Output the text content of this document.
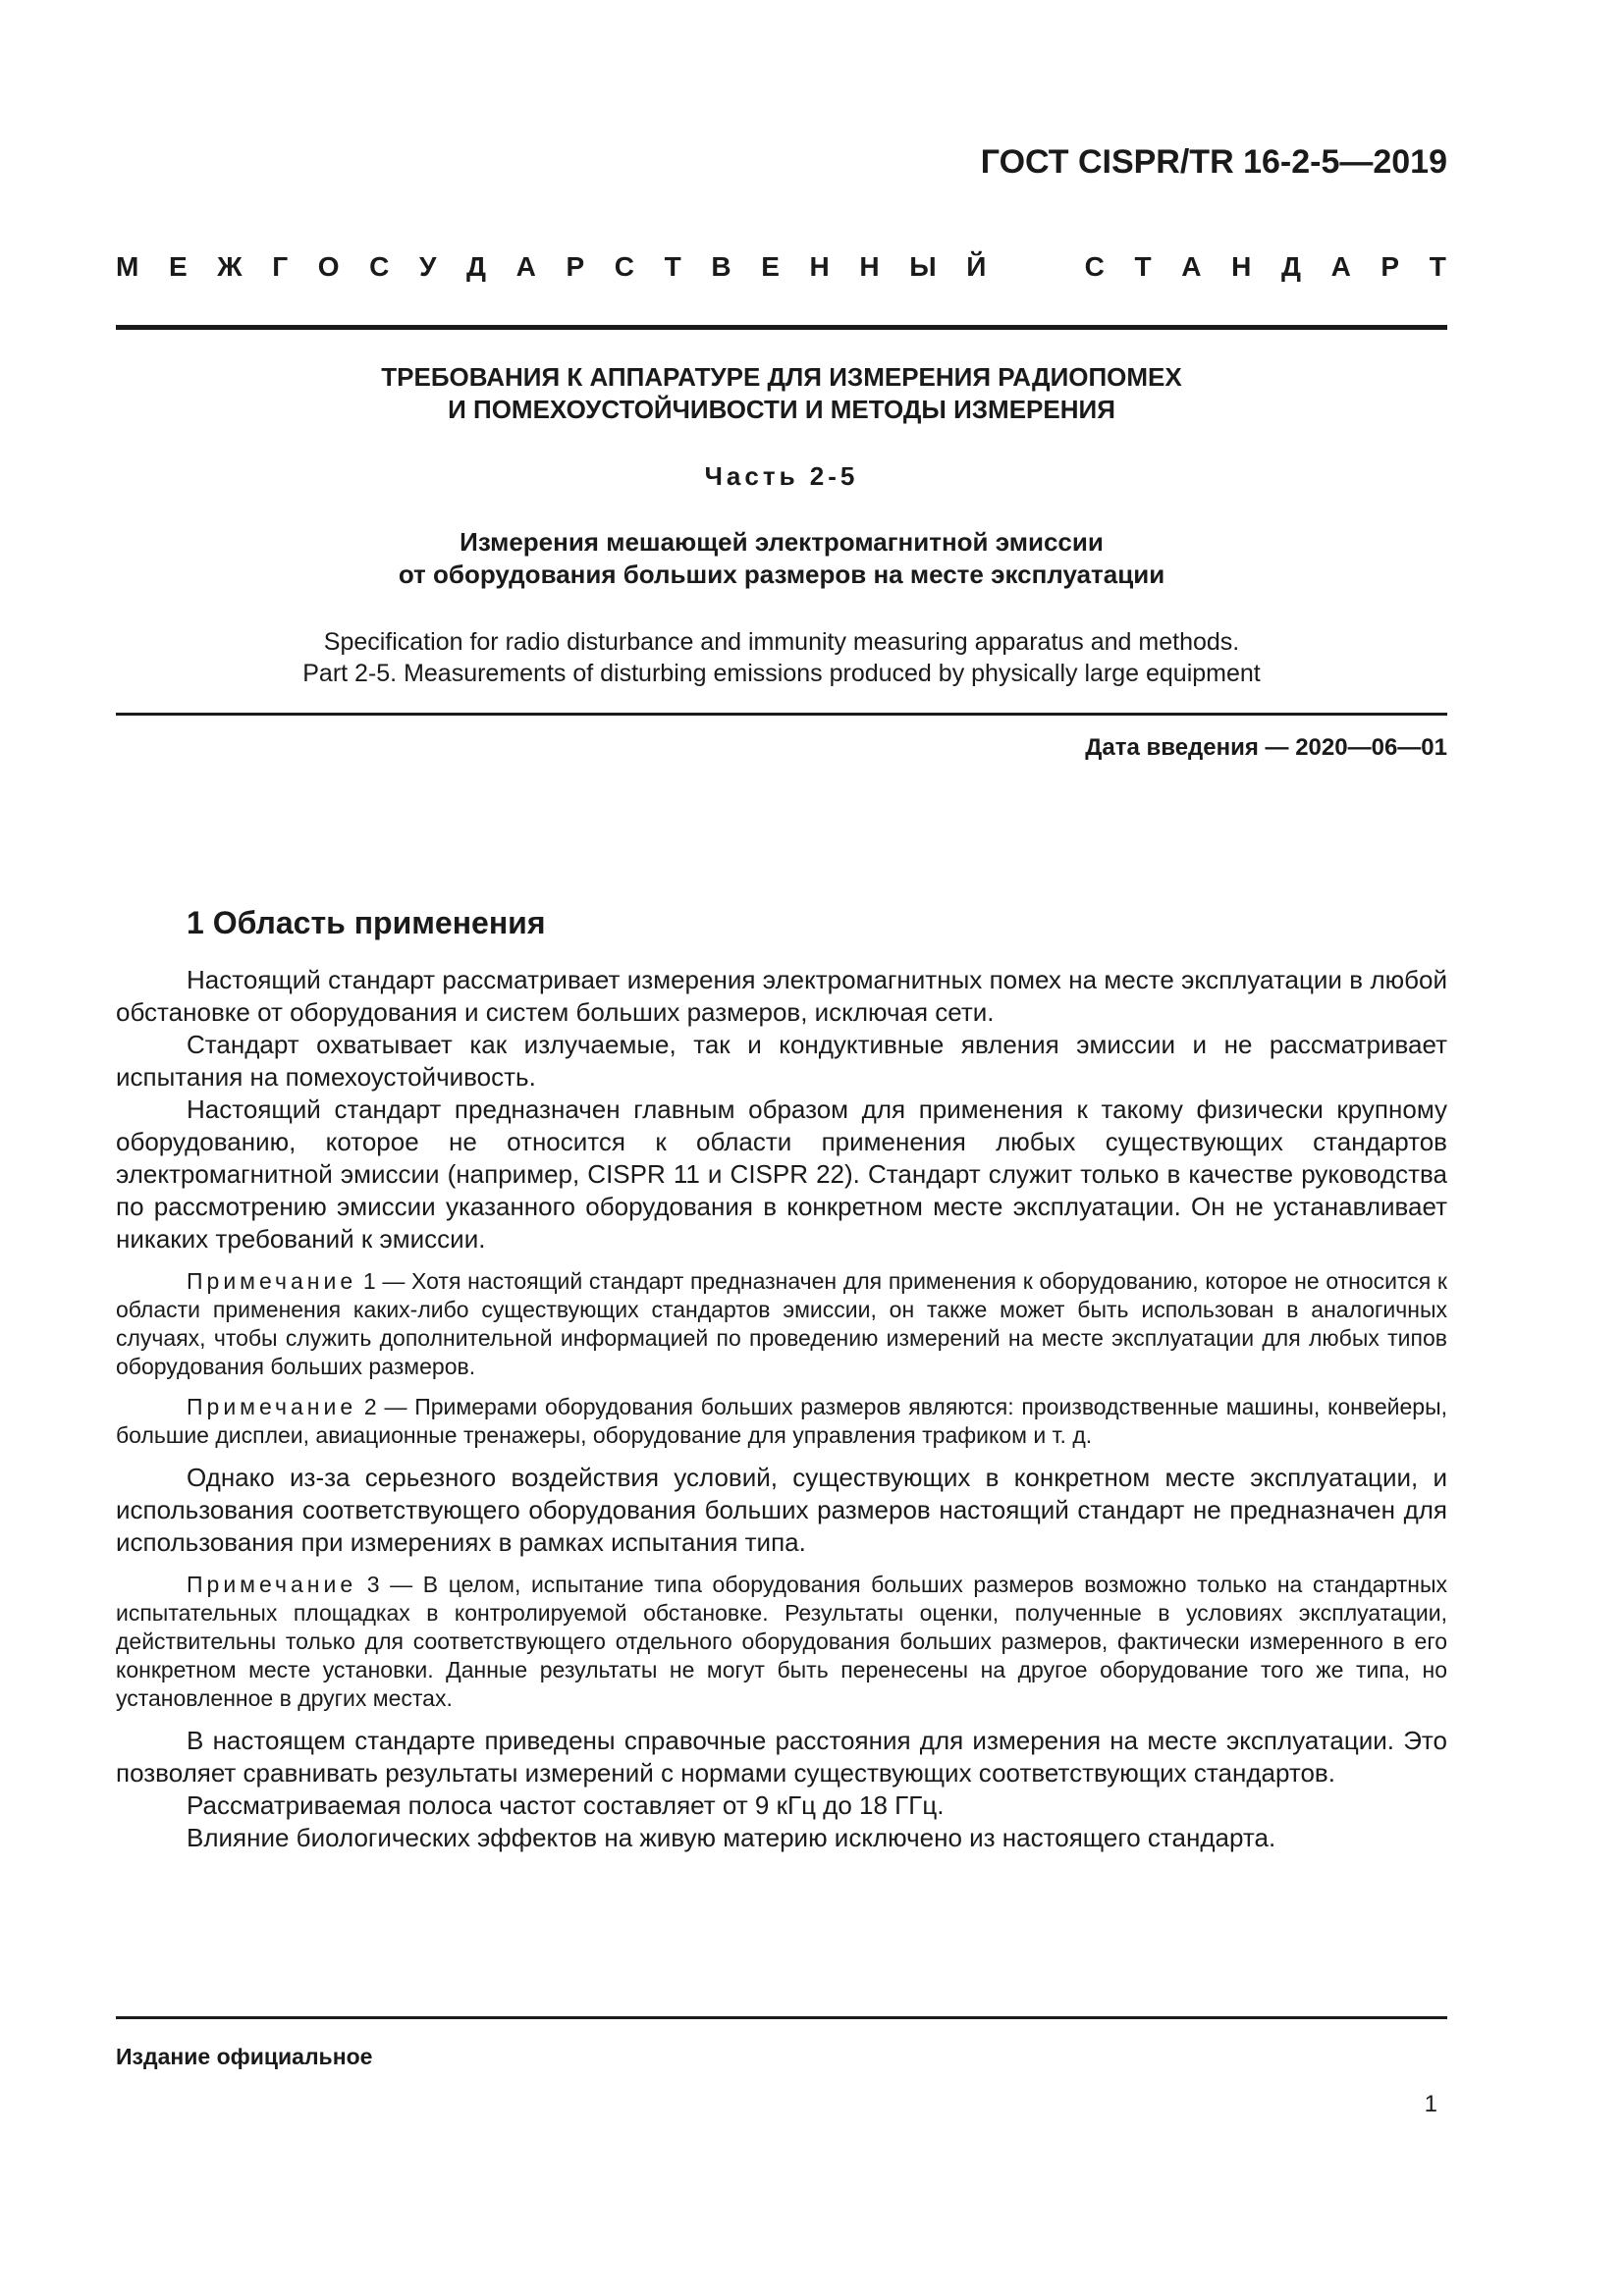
ГОСТ CISPR/TR 16-2-5—2019
М Е Ж Г О С У Д А Р С Т В Е Н Н Ы Й	С Т А Н Д А Р Т
ТРЕБОВАНИЯ К АППАРАТУРЕ ДЛЯ ИЗМЕРЕНИЯ РАДИОПОМЕХ
И ПОМЕХОУСТОЙЧИВОСТИ И МЕТОДЫ ИЗМЕРЕНИЯ
Часть 2-5
Измерения мешающей электромагнитной эмиссии
от оборудования больших размеров на месте эксплуатации
Specification for radio disturbance and immunity measuring apparatus and methods.
Part 2-5. Measurements of disturbing emissions produced by physically large equipment
Дата введения — 2020—06—01
1 Область применения

Настоящий стандарт рассматривает измерения электромагнитных помех на месте эксплуатации в любой обстановке от оборудования и систем больших размеров, исключая сети.

Стандарт охватывает как излучаемые, так и кондуктивные явления эмиссии и не рассматривает испытания на помехоустойчивость.

Настоящий стандарт предназначен главным образом для применения к такому физически крупному оборудованию, которое не относится к области применения любых существующих стандартов электромагнитной эмиссии (например, CISPR 11 и CISPR 22). Стандарт служит только в качестве руководства по рассмотрению эмиссии указанного оборудования в конкретном месте эксплуатации. Он не устанавливает никаких требований к эмиссии.

Примечание 1 — Хотя настоящий стандарт предназначен для применения к оборудованию, которое не относится к области применения каких-либо существующих стандартов эмиссии, он также может быть использован в аналогичных случаях, чтобы служить дополнительной информацией по проведению измерений на месте эксплуатации для любых типов оборудования больших размеров.

Примечание 2 — Примерами оборудования больших размеров являются: производственные машины, конвейеры, большие дисплеи, авиационные тренажеры, оборудование для управления трафиком и т. д.

Однако из-за серьезного воздействия условий, существующих в конкретном месте эксплуатации, и использования соответствующего оборудования больших размеров настоящий стандарт не предназначен для использования при измерениях в рамках испытания типа.

Примечание 3 — В целом, испытание типа оборудования больших размеров возможно только на стандартных испытательных площадках в контролируемой обстановке. Результаты оценки, полученные в условиях эксплуатации, действительны только для соответствующего отдельного оборудования больших размеров, фактически измеренного в его конкретном месте установки. Данные результаты не могут быть перенесены на другое оборудование того же типа, но установленное в других местах.

В настоящем стандарте приведены справочные расстояния для измерения на месте эксплуатации. Это позволяет сравнивать результаты измерений с нормами существующих соответствующих стандартов.

Рассматриваемая полоса частот составляет от 9 кГц до 18 ГГц.

Влияние биологических эффектов на живую материю исключено из настоящего стандарта.

Издание официальное
1
